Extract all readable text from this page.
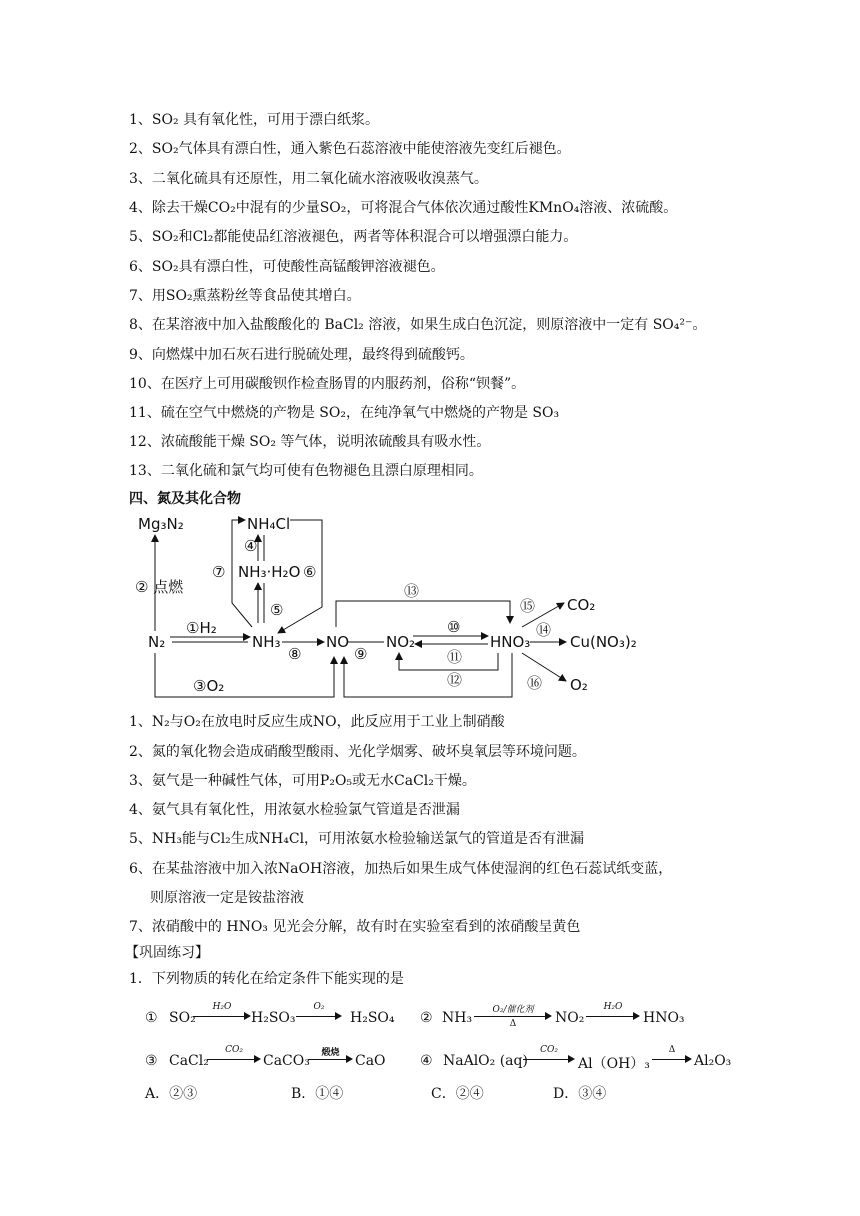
1、SO₂ 具有氧化性，可用于漂白纸浆。
2、SO₂气体具有漂白性，通入紫色石蕊溶液中能使溶液先变红后褪色。
3、二氧化硫具有还原性，用二氧化硫水溶液吸收溴蒸气。
4、除去干燥CO₂中混有的少量SO₂，可将混合气体依次通过酸性KMnO₄溶液、浓硫酸。
5、SO₂和Cl₂都能使品红溶液褪色，两者等体积混合可以增强漂白能力。
6、SO₂具有漂白性，可使酸性高锰酸钾溶液褪色。
7、用SO₂熏蒸粉丝等食品使其增白。
8、在某溶液中加入盐酸酸化的 BaCl₂ 溶液，如果生成白色沉淀，则原溶液中一定有 SO₄²⁻。
9、向燃煤中加石灰石进行脱硫处理，最终得到硫酸钙。
10、在医疗上可用碳酸钡作检查肠胃的内服药剂，俗称“钡餐”。
11、硫在空气中燃烧的产物是 SO₂，在纯净氧气中燃烧的产物是 SO₃
12、浓硫酸能干燥 SO₂ 等气体，说明浓硫酸具有吸水性。
13、二氧化硫和氯气均可使有色物褪色且漂白原理相同。
四、氮及其化合物
Mg₃N₂	NH₄Cl
NH₃·H₂O
N₂	NH₃	NO NO₂	HNO₃
CO₂
Cu(NO₃)₂
O₂
①H₂
② 点燃
③O₂
④
⑤
⑥
⑦
⑧	⑨
⑩
⑪
⑫
⑬
⑭
⑮
⑯
1、N₂与O₂在放电时反应生成NO，此反应用于工业上制硝酸
2、氮的氧化物会造成硝酸型酸雨、光化学烟雾、破坏臭氧层等环境问题。
3、氨气是一种碱性气体，可用P₂O₅或无水CaCl₂干燥。
4、氨气具有氧化性，用浓氨水检验氯气管道是否泄漏
5、NH₃能与Cl₂生成NH₄Cl，可用浓氨水检验输送氯气的管道是否有泄漏
6、在某盐溶液中加入浓NaOH溶液，加热后如果生成气体使湿润的红色石蕊试纸变蓝，
则原溶液一定是铵盐溶液
7、浓硝酸中的 HNO₃ 见光会分解，故有时在实验室看到的浓硝酸呈黄色
【巩固练习】
1．下列物质的转化在给定条件下能实现的是
① SO₂
H₂O
H₂SO₃
O₂
H₂SO₄ ② NH₃	O₂/催化剂
Δ	NO₂
H₂O
HNO₃
③ CaCl₂
CO₂
CaCO₃	煅烧	CaO ④ NaAlO₂ (aq)
CO₂
Al（OH）₃
Δ
Al₂O₃
A．②③	B．①④	C．②④	D．③④
